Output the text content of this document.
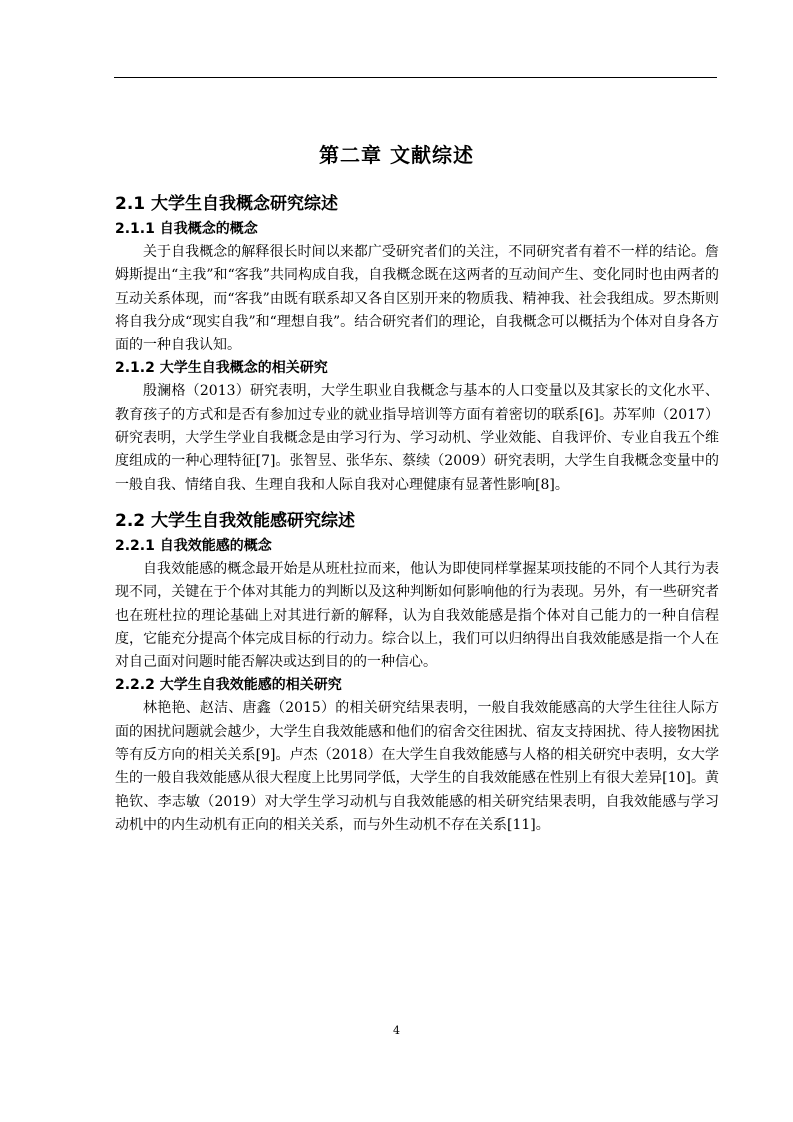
第二章 文献综述
2.1 大学生自我概念研究综述
2.1.1 自我概念的概念

关于自我概念的解释很长时间以来都广受研究者们的关注，不同研究者有着不一样的结论。詹姆斯提出“主我”和“客我”共同构成自我，自我概念既在这两者的互动间产生、变化同时也由两者的互动关系体现，而“客我”由既有联系却又各自区别开来的物质我、精神我、社会我组成。罗杰斯则将自我分成“现实自我”和“理想自我”。结合研究者们的理论，自我概念可以概括为个体对自身各方面的一种自我认知。

2.1.2 大学生自我概念的相关研究

殷澜格（2013）研究表明，大学生职业自我概念与基本的人口变量以及其家长的文化水平、教育孩子的方式和是否有参加过专业的就业指导培训等方面有着密切的联系[6]。苏军帅（2017）研究表明，大学生学业自我概念是由学习行为、学习动机、学业效能、自我评价、专业自我五个维度组成的一种心理特征[7]。张智昱、张华东、蔡续（2009）研究表明，大学生自我概念变量中的一般自我、情绪自我、生理自我和人际自我对心理健康有显著性影响[8]。

2.2 大学生自我效能感研究综述
2.2.1 自我效能感的概念

自我效能感的概念最开始是从班杜拉而来，他认为即使同样掌握某项技能的不同个人其行为表现不同，关键在于个体对其能力的判断以及这种判断如何影响他的行为表现。另外，有一些研究者也在班杜拉的理论基础上对其进行新的解释，认为自我效能感是指个体对自己能力的一种自信程度，它能充分提高个体完成目标的行动力。综合以上，我们可以归纳得出自我效能感是指一个人在对自己面对问题时能否解决或达到目的的一种信心。

2.2.2 大学生自我效能感的相关研究

林艳艳、赵洁、唐鑫（2015）的相关研究结果表明，一般自我效能感高的大学生往往人际方面的困扰问题就会越少，大学生自我效能感和他们的宿舍交往困扰、宿友支持困扰、待人接物困扰等有反方向的相关关系[9]。卢杰（2018）在大学生自我效能感与人格的相关研究中表明，女大学生的一般自我效能感从很大程度上比男同学低，大学生的自我效能感在性别上有很大差异[10]。黄艳钦、李志敏（2019）对大学生学习动机与自我效能感的相关研究结果表明，自我效能感与学习动机中的内生动机有正向的相关关系，而与外生动机不存在关系[11]。

4
